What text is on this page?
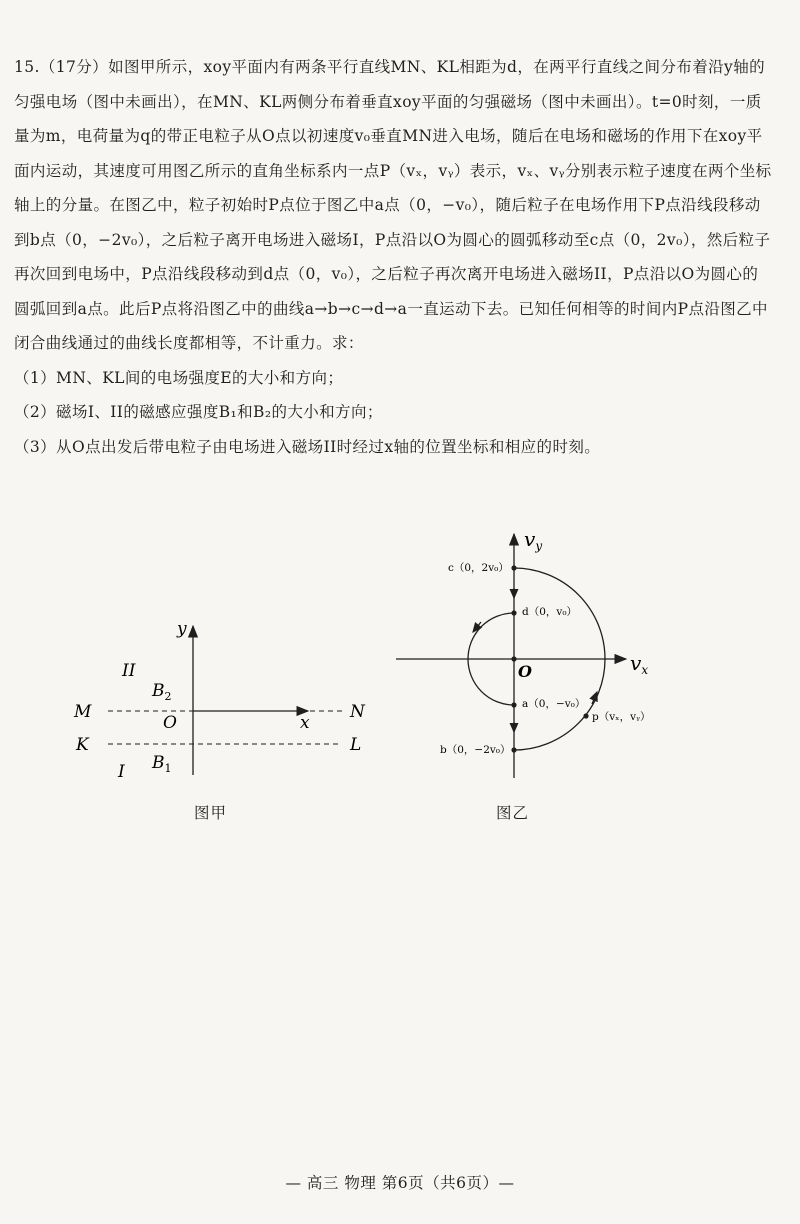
15.（17分）如图甲所示，xoy平面内有两条平行直线MN、KL相距为d，在两平行直线之间分布着沿y轴的匀强电场（图中未画出），在MN、KL两侧分布着垂直xoy平面的匀强磁场（图中未画出）。t=0时刻，一质量为m，电荷量为q的带正电粒子从O点以初速度v₀垂直MN进入电场，随后在电场和磁场的作用下在xoy平面内运动，其速度可用图乙所示的直角坐标系内一点P（vₓ，vᵧ）表示，vₓ、vᵧ分别表示粒子速度在两个坐标轴上的分量。在图乙中，粒子初始时P点位于图乙中a点（0，−v₀），随后粒子在电场作用下P点沿线段移动到b点（0，−2v₀），之后粒子离开电场进入磁场I，P点沿以O为圆心的圆弧移动至c点（0，2v₀），然后粒子再次回到电场中，P点沿线段移动到d点（0，v₀），之后粒子再次离开电场进入磁场II，P点沿以O为圆心的圆弧回到a点。此后P点将沿图乙中的曲线a→b→c→d→a一直运动下去。已知任何相等的时间内P点沿图乙中闭合曲线通过的曲线长度都相等，不计重力。求：

（1）MN、KL间的电场强度E的大小和方向；

（2）磁场I、II的磁感应强度B₁和B₂的大小和方向；

（3）从O点出发后带电粒子由电场进入磁场II时经过x轴的位置坐标和相应的时刻。

y
II
$B_2$
M
O	x
N
K	L
$B_1$
I
图甲
$v_y$
$v_x$
c（0，2v₀）
d（0，v₀）
O
a（0，−v₀）
p（vₓ，vᵧ）
b（0，−2v₀）
图乙
— 高三 物理 第6页（共6页）—
